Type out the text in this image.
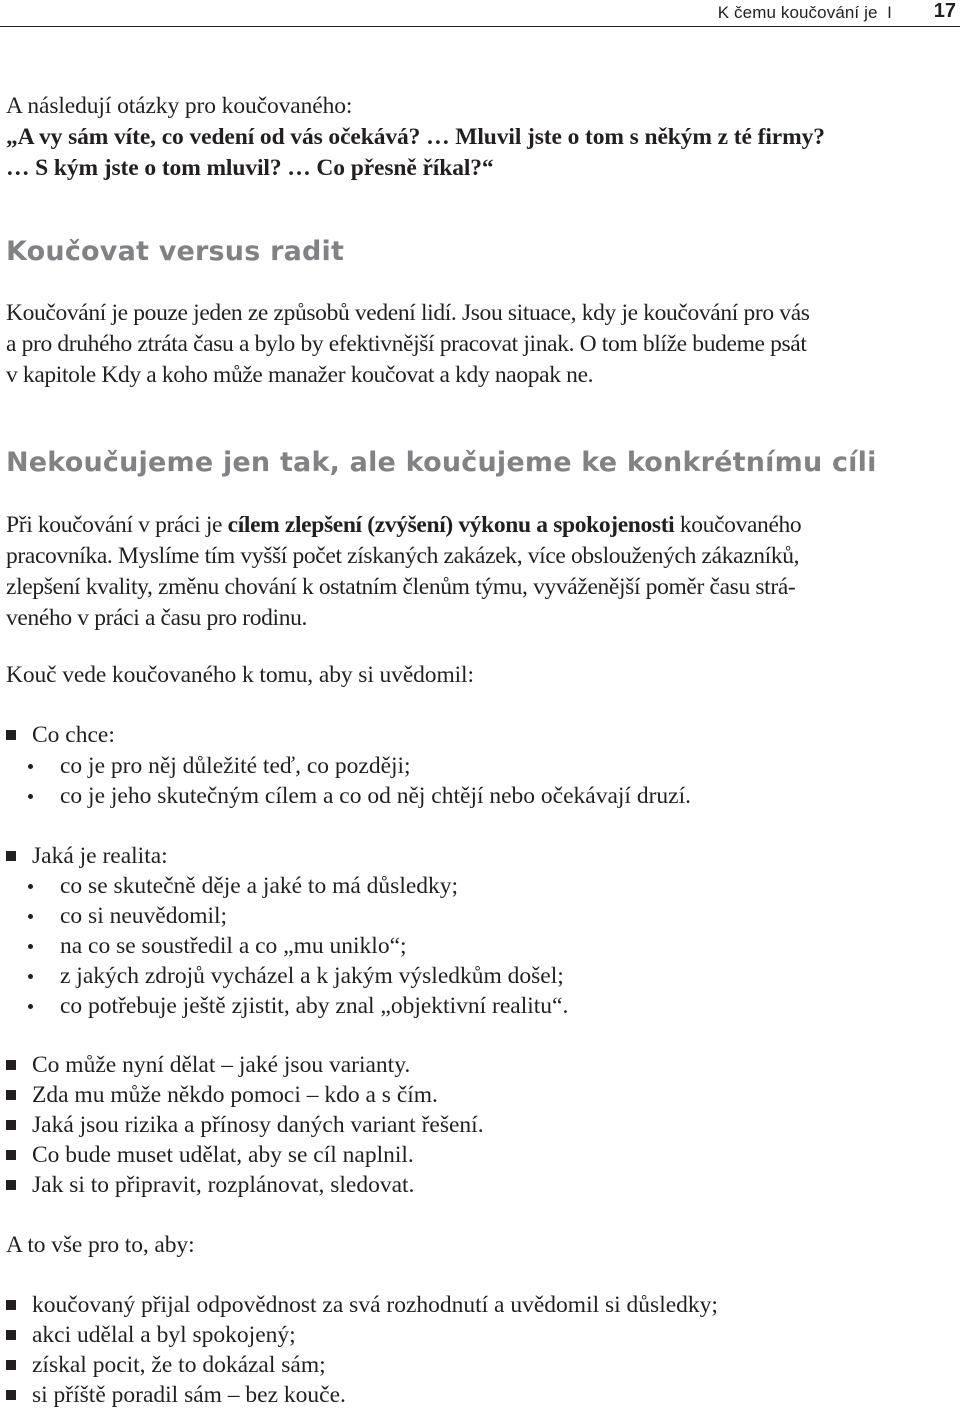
K čemu koučování je I 17

A následují otázky pro koučovaného:

„A vy sám víte, co vedení od vás očekává? … Mluvil jste o tom s někým z té firmy?

… S kým jste o tom mluvil? … Co přesně říkal?“

Koučovat versus radit

Koučování je pouze jeden ze způsobů vedení lidí. Jsou situace, kdy je koučování pro vás

a pro druhého ztráta času a bylo by efektivnější pracovat jinak. O tom blíže budeme psát

v kapitole Kdy a koho může manažer koučovat a kdy naopak ne.

Nekoučujeme jen tak, ale koučujeme ke konkrétnímu cíli

Při koučování v práci je cílem zlepšení (zvýšení) výkonu a spokojenosti koučovaného

pracovníka. Myslíme tím vyšší počet získaných zakázek, více obsloužených zákazníků,

zlepšení kvality, změnu chování k ostatním členům týmu, vyváženější poměr času strá-

veného v práci a času pro rodinu.

Kouč vede koučovaného k tomu, aby si uvědomil:
Co chce:
co je pro něj důležité teď, co později;
co je jeho skutečným cílem a co od něj chtějí nebo očekávají druzí.
Jaká je realita:
co se skutečně děje a jaké to má důsledky;
co si neuvědomil;
na co se soustředil a co „mu uniklo“;
z jakých zdrojů vycházel a k jakým výsledkům došel;
co potřebuje ještě zjistit, aby znal „objektivní realitu“.
Co může nyní dělat – jaké jsou varianty.
Zda mu může někdo pomoci – kdo a s čím.
Jaká jsou rizika a přínosy daných variant řešení.
Co bude muset udělat, aby se cíl naplnil.
Jak si to připravit, rozplánovat, sledovat.
A to vše pro to, aby:
koučovaný přijal odpovědnost za svá rozhodnutí a uvědomil si důsledky;
akci udělal a byl spokojený;
získal pocit, že to dokázal sám;
si příště poradil sám – bez kouče.
